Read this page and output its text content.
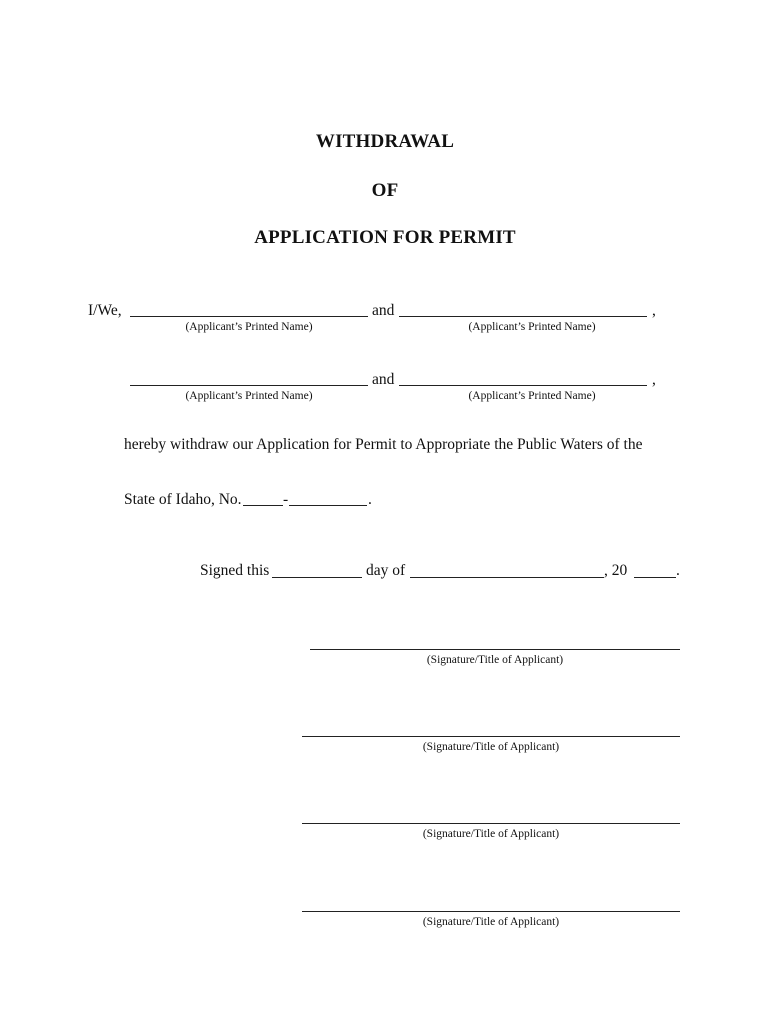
WITHDRAWAL
OF
APPLICATION FOR PERMIT
I/We,	and	,
(Applicant’s Printed Name)	(Applicant’s Printed Name)
and	,
(Applicant’s Printed Name)	(Applicant’s Printed Name)
hereby withdraw our Application for Permit to Appropriate the Public Waters of the
State of Idaho, No.	-	.
Signed this	day of	, 20	.
(Signature/Title of Applicant)
(Signature/Title of Applicant)
(Signature/Title of Applicant)
(Signature/Title of Applicant)
